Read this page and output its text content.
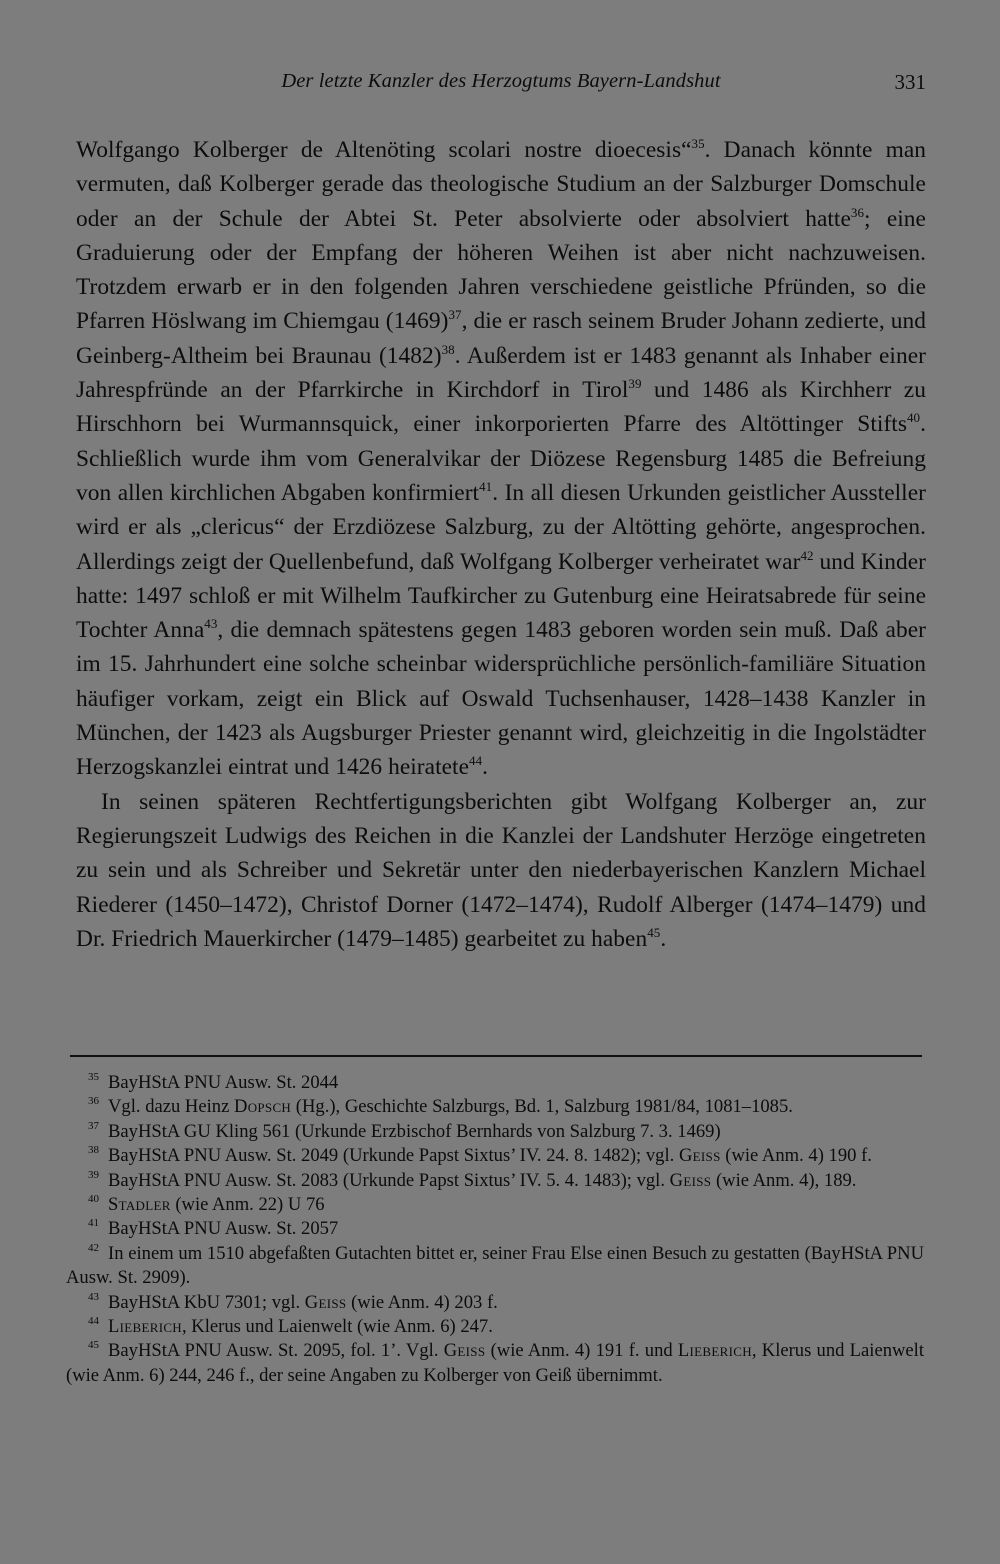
Der letzte Kanzler des Herzogtums Bayern-Landshut	331

Wolfgango Kolberger de Altenöting scolari nostre dioecesis“$^{35}$. Danach könnte man vermuten, daß Kolberger gerade das theologische Studium an der Salzburger Domschule oder an der Schule der Abtei St. Peter absolvierte oder absolviert hatte$^{36}$; eine Graduierung oder der Empfang der höheren Weihen ist aber nicht nachzuweisen. Trotzdem erwarb er in den folgenden Jahren verschiedene geistliche Pfründen, so die Pfarren Höslwang im Chiemgau $(1469)^{37}$, die er rasch seinem Bruder Johann zedierte, und Geinberg-Altheim bei Braunau $(1482)^{38}$. Außerdem ist er 1483 genannt als Inhaber einer Jahrespfründe an der Pfarrkirche in Kirchdorf in Tirol$^{39}$ und 1486 als Kirchherr zu Hirschhorn bei Wurmannsquick, einer inkorporierten Pfarre des Altöttinger Stifts$^{40}$. Schließlich wurde ihm vom Generalvikar der Diözese Regensburg 1485 die Befreiung von allen kirchlichen Abgaben konfirmiert$^{41}$. In all diesen Urkunden geistlicher Aussteller wird er als „clericus“ der Erzdiözese Salzburg, zu der Altötting gehörte, angesprochen. Allerdings zeigt der Quellenbefund, daß Wolfgang Kolberger verheiratet war$^{42}$ und Kinder hatte: 1497 schloß er mit Wilhelm Taufkircher zu Gutenburg eine Heiratsabrede für seine Tochter Anna$^{43}$, die demnach spätestens gegen 1483 geboren worden sein muß. Daß aber im 15. Jahrhundert eine solche scheinbar widersprüchliche persönlich-familiäre Situation häufiger vorkam, zeigt ein Blick auf Oswald Tuchsenhauser, 1428–1438 Kanzler in München, der 1423 als Augsburger Priester genannt wird, gleichzeitig in die Ingolstädter Herzogskanzlei eintrat und 1426 heiratete$^{44}$.

In seinen späteren Rechtfertigungsberichten gibt Wolfgang Kolberger an, zur Regierungszeit Ludwigs des Reichen in die Kanzlei der Landshuter Herzöge eingetreten zu sein und als Schreiber und Sekretär unter den niederbayerischen Kanzlern Michael Riederer (1450–1472), Christof Dorner (1472–1474), Rudolf Alberger (1474–1479) und Dr. Friedrich Mauerkircher (1479–1485) gearbeitet zu haben$^{45}$.

35 BayHStA PNU Ausw. St. 2044

36 Vgl. dazu Heinz Dopsch (Hg.), Geschichte Salzburgs, Bd. 1, Salzburg 1981/84, 1081–1085.

37 BayHStA GU Kling 561 (Urkunde Erzbischof Bernhards von Salzburg 7. 3. 1469)

38 BayHStA PNU Ausw. St. 2049 (Urkunde Papst Sixtus’ IV. 24. 8. 1482); vgl. Geiss (wie Anm. 4) 190 f.

39 BayHStA PNU Ausw. St. 2083 (Urkunde Papst Sixtus’ IV. 5. 4. 1483); vgl. Geiss (wie Anm. 4), 189.

40 Stadler (wie Anm. 22) U 76

41 BayHStA PNU Ausw. St. 2057

42 In einem um 1510 abgefaßten Gutachten bittet er, seiner Frau Else einen Besuch zu gestatten (BayHStA PNU Ausw. St. 2909).

43 BayHStA KbU 7301; vgl. Geiss (wie Anm. 4) 203 f.

44 Lieberich, Klerus und Laienwelt (wie Anm. 6) 247.

45 BayHStA PNU Ausw. St. 2095, fol. 1’. Vgl. Geiss (wie Anm. 4) 191 f. und Lieberich, Klerus und Laienwelt (wie Anm. 6) 244, 246 f., der seine Angaben zu Kolberger von Geiß übernimmt.
